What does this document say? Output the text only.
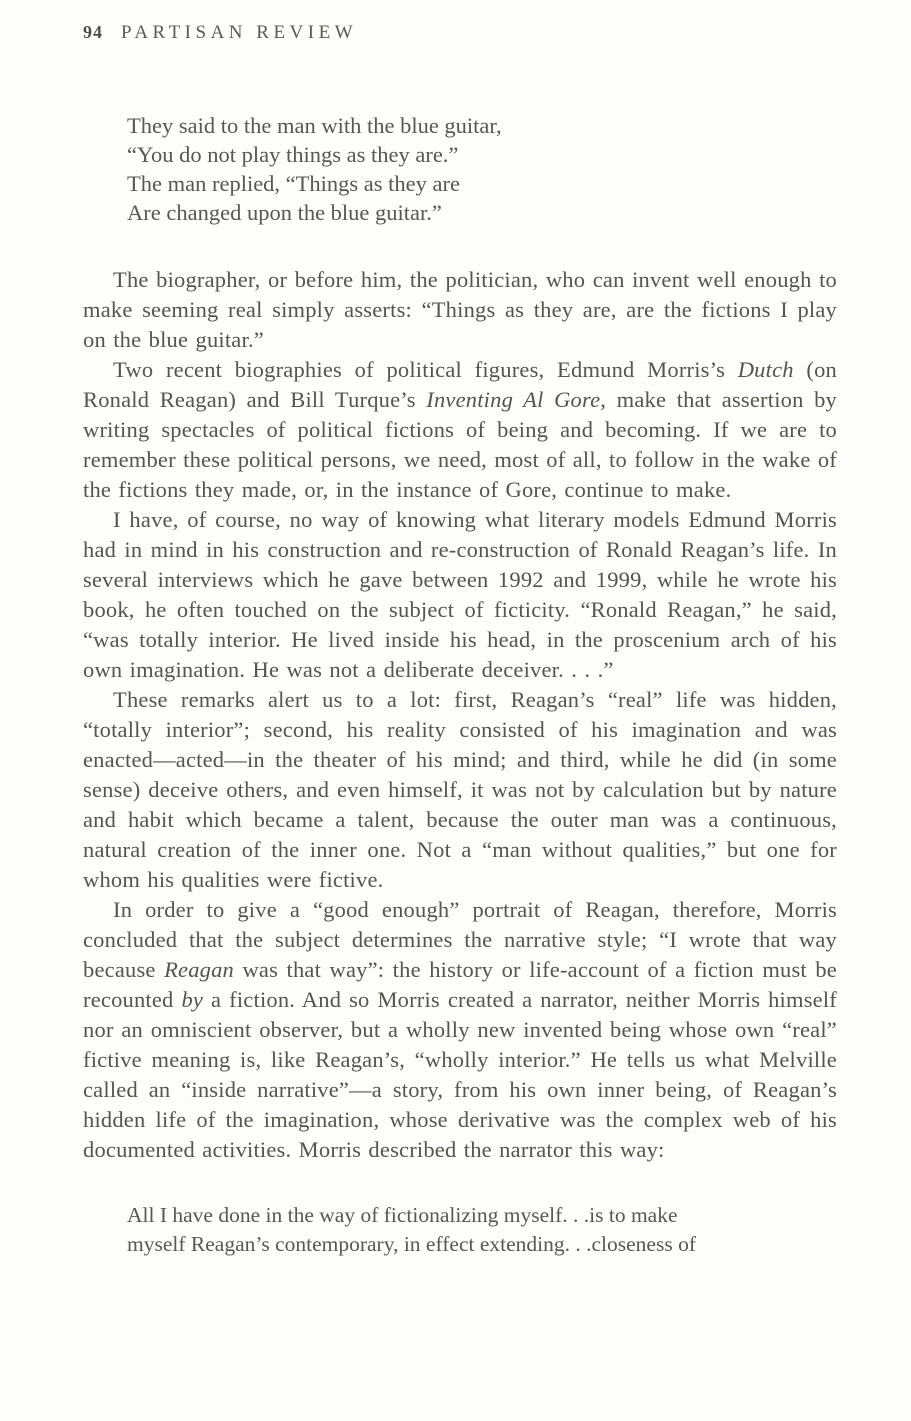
94 PARTISAN REVIEW
They said to the man with the blue guitar,
“You do not play things as they are.”
The man replied, “Things as they are
Are changed upon the blue guitar.”

The biographer, or before him, the politician, who can invent well enough to make seeming real simply asserts: “Things as they are, are the fictions I play on the blue guitar.”

Two recent biographies of political figures, Edmund Morris’s Dutch (on Ronald Reagan) and Bill Turque’s Inventing Al Gore, make that assertion by writing spectacles of political fictions of being and becoming. If we are to remember these political persons, we need, most of all, to follow in the wake of the fictions they made, or, in the instance of Gore, continue to make.

I have, of course, no way of knowing what literary models Edmund Morris had in mind in his construction and re-construction of Ronald Reagan’s life. In several interviews which he gave between 1992 and 1999, while he wrote his book, he often touched on the subject of ficticity. “Ronald Reagan,” he said, “was totally interior. He lived inside his head, in the proscenium arch of his own imagination. He was not a deliberate deceiver. . . .”

These remarks alert us to a lot: first, Reagan’s “real” life was hidden, “totally interior”; second, his reality consisted of his imagination and was enacted—acted—in the theater of his mind; and third, while he did (in some sense) deceive others, and even himself, it was not by calculation but by nature and habit which became a talent, because the outer man was a continuous, natural creation of the inner one. Not a “man without qualities,” but one for whom his qualities were fictive.

In order to give a “good enough” portrait of Reagan, therefore, Morris concluded that the subject determines the narrative style; “I wrote that way because Reagan was that way”: the history or life-account of a fiction must be recounted by a fiction. And so Morris created a narrator, neither Morris himself nor an omniscient observer, but a wholly new invented being whose own “real” fictive meaning is, like Reagan’s, “wholly interior.” He tells us what Melville called an “inside narrative”—a story, from his own inner being, of Reagan’s hidden life of the imagination, whose derivative was the complex web of his documented activities. Morris described the narrator this way:

All I have done in the way of fictionalizing myself. . .is to make
myself Reagan’s contemporary, in effect extending. . .closeness of
